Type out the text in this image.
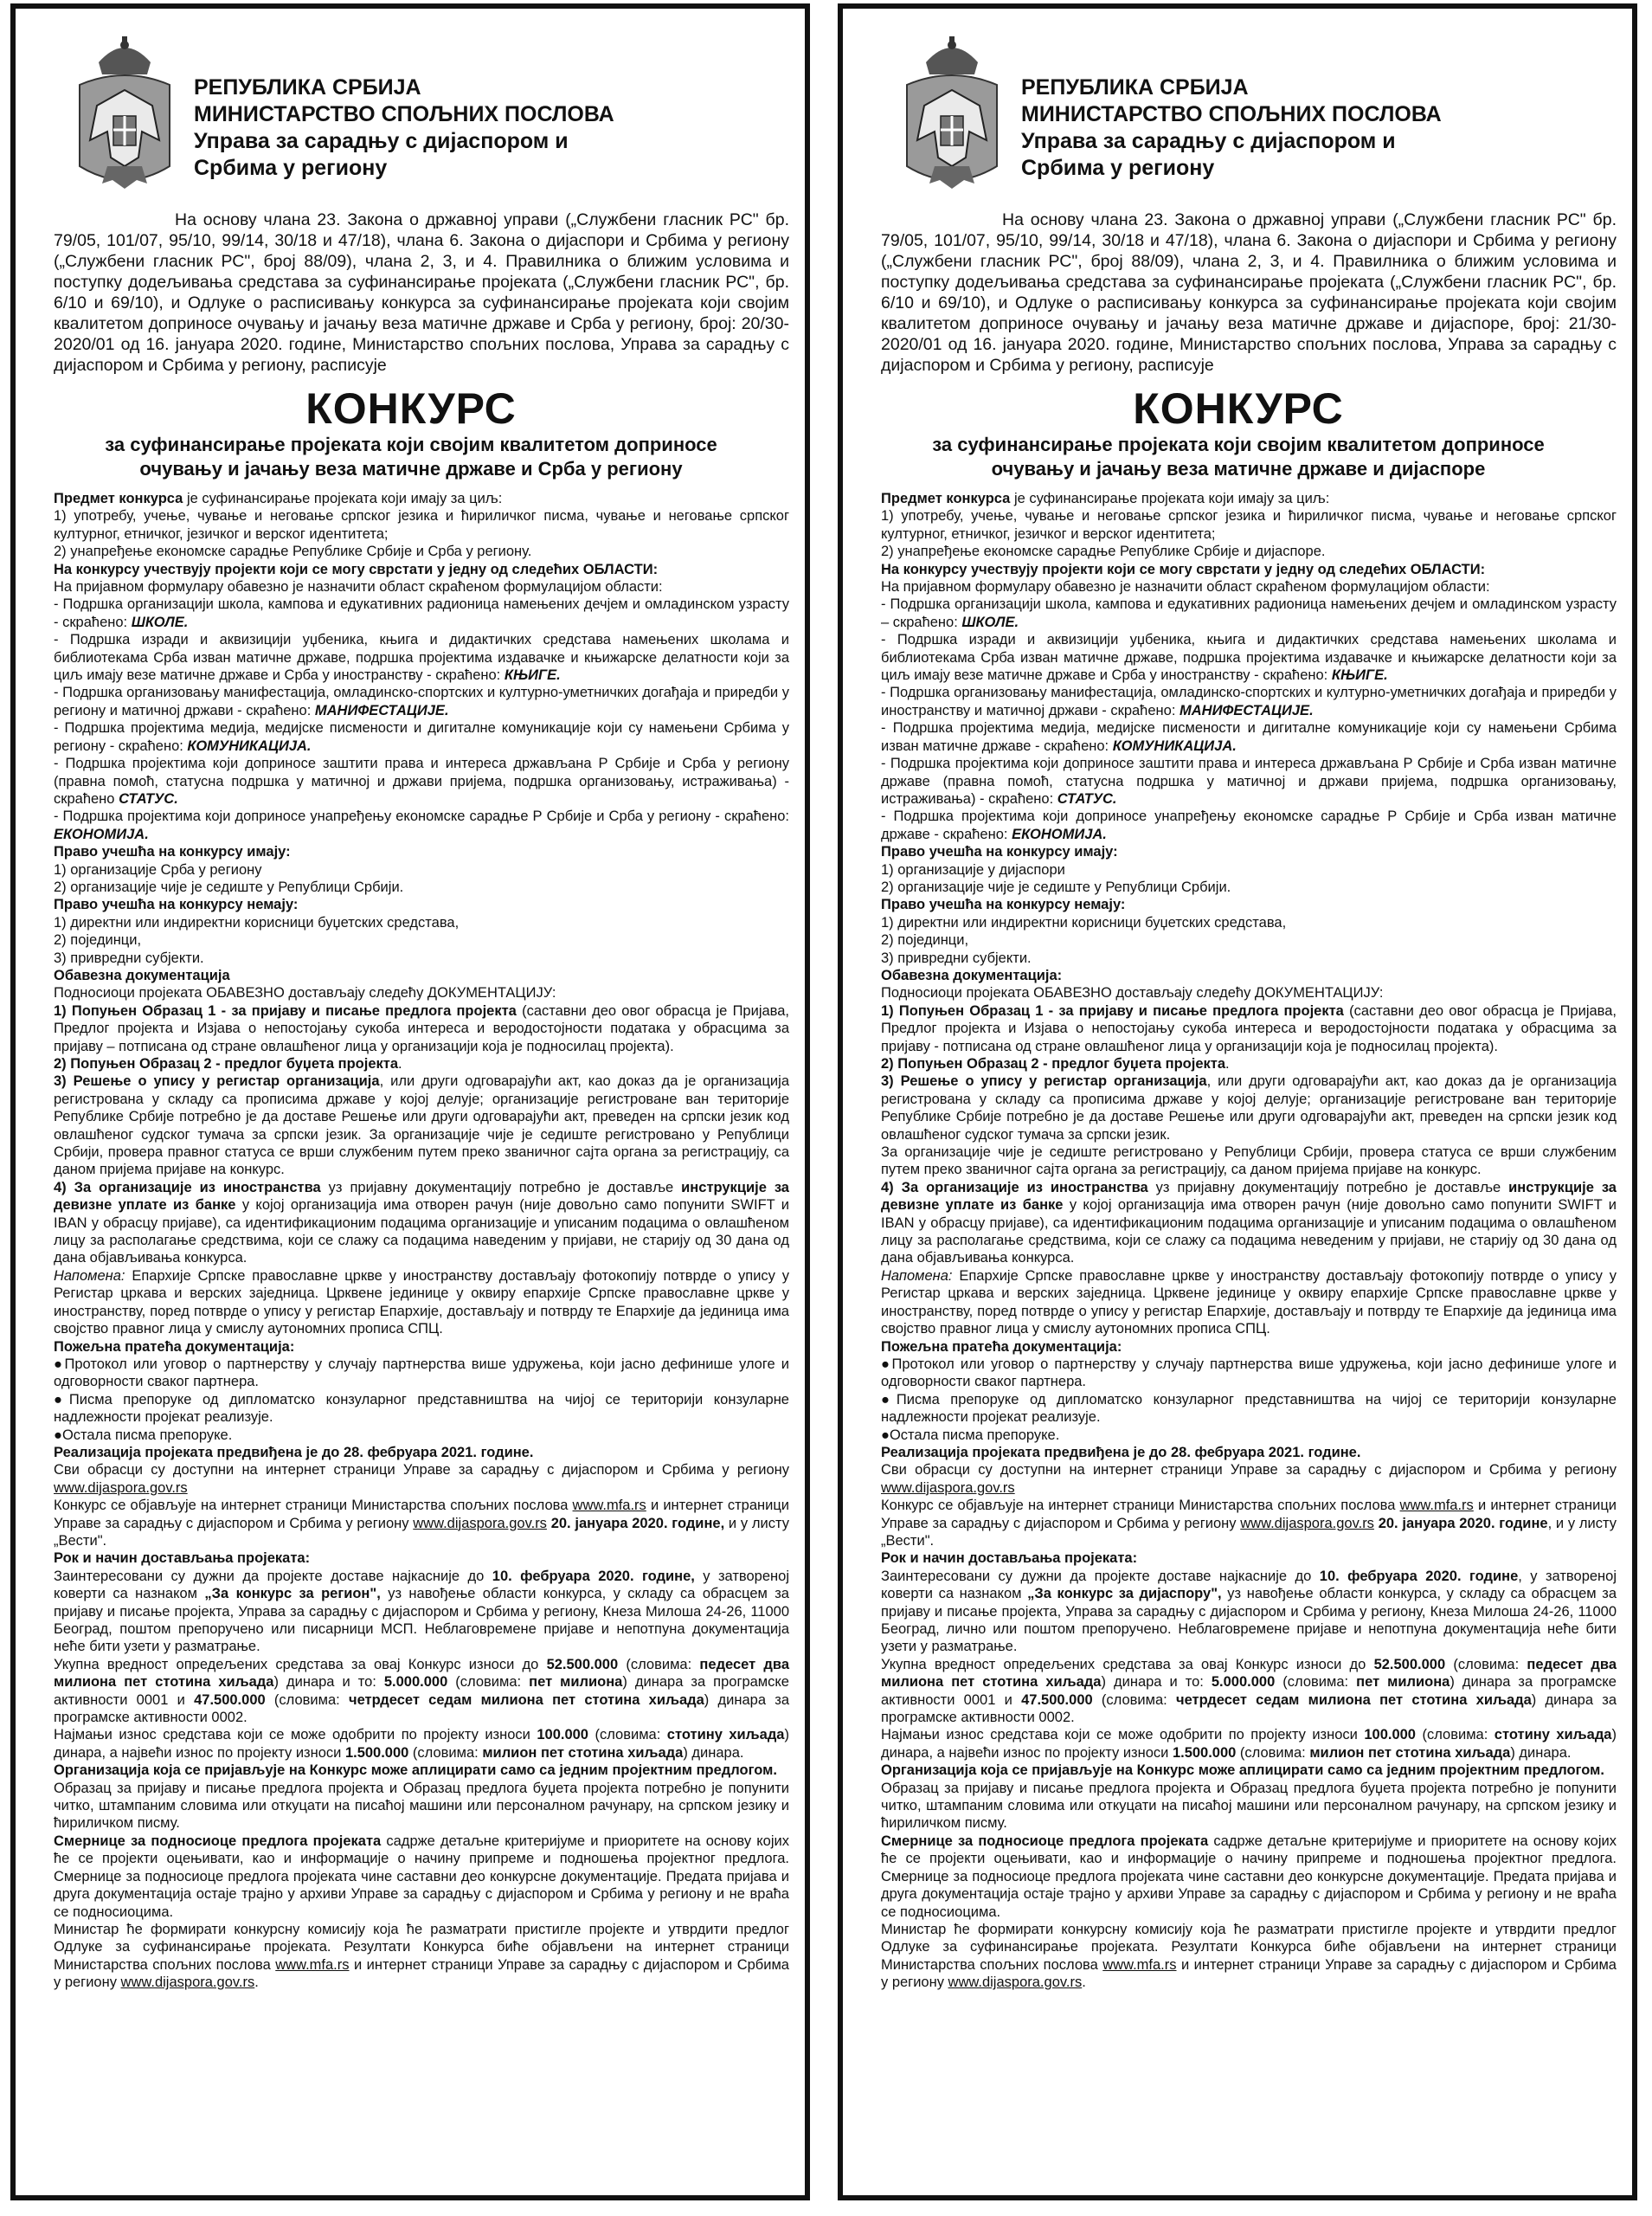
РЕПУБЛИКА СРБИЈА
МИНИСТАРСТВО СПОЉНИХ ПОСЛОВА
Управа за сарадњу с дијаспором и
Србима у региону

На основу члана 23. Закона о државној управи („Службени гласник РС" бр. 79/05, 101/07, 95/10, 99/14, 30/18 и 47/18), члана 6. Закона о дијаспори и Србима у региону („Службени гласник РС", број 88/09), члана 2, 3, и 4. Правилника о ближим условима и поступку додељивања средстава за суфинансирање пројеката („Службени гласник РС", бр. 6/10 и 69/10), и Одлуке о расписивању конкурса за суфинансирање пројеката који својим квалитетом доприносе очувању и јачању веза матичне државе и Срба у региону, број: 20/30-2020/01 од 16. јануара 2020. године, Министарство спољних послова, Управа за сарадњу с дијаспором и Србима у региону, расписује

КОНКУРС
за суфинансирање пројеката који својим квалитетом доприносе
очувању и јачању веза матичне државе и Срба у региону

Предмет конкурса је суфинансирање пројеката који имају за циљ:

1) употребу, учење, чување и неговање српског језика и ћириличког писма, чување и неговање српског културног, етничког, језичког и верског идентитета;

2) унапређење економске сарадње Републике Србије и Срба у региону.

На конкурсу учествују пројекти који се могу сврстати у једну од следећих ОБЛАСТИ:

На пријавном формулару обавезно је назначити област скраћеном формулацијом области:

- Подршка организацији школа, кампова и едукативних радионица намењених дечјем и омладинском узрасту - скраћено: ШКОЛЕ.

- Подршка изради и аквизицији уџбеника, књига и дидактичких средстава намењених школама и библиотекама Срба изван матичне државе, подршка пројектима издавачке и књижарске делатности који за циљ имају везе матичне државе и Срба у иностранству - скраћено: КЊИГЕ.

- Подршка организовању манифестација, омладинско-спортских и културно-уметничких догађаја и приредби у региону и матичној држави - скраћено: МАНИФЕСТАЦИЈЕ.

- Подршка пројектима медија, медијске писмености и дигиталне комуникације који су намењени Србима у региону - скраћено: КОМУНИКАЦИЈА.

- Подршка пројектима који доприносе заштити права и интереса држављана Р Србије и Срба у региону (правна помоћ, статусна подршка у матичној и држави пријема, подршка организовању, истраживања) - скраћено СТАТУС.

- Подршка пројектима који доприносе унапређењу економске сарадње Р Србије и Срба у региону - скраћено: ЕКОНОМИЈА.

Право учешћа на конкурсу имају:

1) организације Срба у региону

2) организације чије је седиште у Републици Србији.

Право учешћа на конкурсу немају:

1) директни или индиректни корисници буџетских средстава,

2) појединци,

3) привредни субјекти.

Обавезна документација

Подносиоци пројеката ОБАВЕЗНО достављају следећу ДОКУМЕНТАЦИЈУ:

1) Попуњен Образац 1 - за пријаву и писање предлога пројекта (саставни део овог обрасца је Пријава, Предлог пројекта и Изјава о непостојању сукоба интереса и веродостојности података у обрасцима за пријаву – потписана од стране овлашћеног лица у организацији која је подносилац пројекта).

2) Попуњен Образац 2 - предлог буџета пројекта.

3) Решење о упису у регистар организација, или други одговарајући акт, као доказ да је организација регистрована у складу са прописима државе у којој делује; организације регистроване ван територије Републике Србије потребно је да доставе Решење или други одговарајући акт, преведен на српски језик код овлашћеног судског тумача за српски језик. За организације чије је седиште регистровано у Републици Србији, провера правног статуса се врши службеним путем преко званичног сајта органа за регистрацију, са даном пријема пријаве на конкурс.

4) За организације из иностранства уз пријавну документацију потребно је доставље инструкције за девизне уплате из банке у којој организација има отворен рачун (није довољно само попунити SWIFT и IBAN у обрасцу пријаве), са идентификационим подацима организације и уписаним подацима о овлашћеном лицу за располагање средствима, који се слажу са подацима наведеним у пријави, не старију од 30 дана од дана објављивања конкурса.

Напомена: Епархије Српске православне цркве у иностранству достављају фотокопију потврде о упису у Регистар цркава и верских заједница. Црквене јединице у оквиру епархије Српске православне цркве у иностранству, поред потврде о упису у регистар Епархије, достављају и потврду те Епархије да јединица има својство правног лица у смислу аутономних прописа СПЦ.

Пожељна пратећа документација:

●Протокол или уговор о партнерству у случају партнерства више удружења, који јасно дефинише улоге и одговорности сваког партнера.

●Писма препоруке од дипломатско конзуларног представништва на чијој се територији конзуларне надлежности пројекат реализује.

●Остала писма препоруке.

Реализација пројеката предвиђена је до 28. фебруара 2021. године.

Сви обрасци су доступни на интернет страници Управе за сарадњу с дијаспором и Србима у региону www.dijaspora.gov.rs

Конкурс се објављује на интернет страници Министарства спољних послова www.mfa.rs и интернет страници Управе за сарадњу с дијаспором и Србима у региону www.dijaspora.gov.rs 20. јануара 2020. године, и у листу „Вести".

Рок и начин достављања пројеката:

Заинтересовани су дужни да пројекте доставе најкасније до 10. фебруара 2020. године, у затвореној коверти са назнаком „За конкурс за регион", уз навођење области конкурса, у складу са обрасцем за пријаву и писање пројекта, Управа за сарадњу с дијаспором и Србима у региону, Кнеза Милоша 24-26, 11000 Београд, поштом препоручено или писарници МСП. Неблаговремене пријаве и непотпуна документација неће бити узети у разматрање.

Укупна вредност опредељених средстава за овај Конкурс износи до 52.500.000 (словима: педесет два милиона пет стотина хиљада) динара и то: 5.000.000 (словима: пет милиона) динара за програмске активности 0001 и 47.500.000 (словима: четрдесет седам милиона пет стотина хиљада) динара за програмске активности 0002.

Најмањи износ средстава који се може одобрити по пројекту износи 100.000 (словима: стотину хиљада) динара, а највећи износ по пројекту износи 1.500.000 (словима: милион пет стотина хиљада) динара.

Организација која се пријављује на Конкурс може аплицирати само са једним пројектним предлогом.

Образац за пријаву и писање предлога пројекта и Образац предлога буџета пројекта потребно је попунити читко, штампаним словима или откуцати на писаћој машини или персоналном рачунару, на српском језику и ћириличком писму.

Смернице за подносиоце предлога пројеката садрже детаљне критеријуме и приоритете на основу којих ће се пројекти оцењивати, као и информације о начину припреме и подношења пројектног предлога. Смернице за подносиоце предлога пројеката чине саставни део конкурсне документације. Предата пријава и друга документација остаје трајно у архиви Управе за сарадњу с дијаспором и Србима у региону и не враћа се подносиоцима.

Министар ће формирати конкурсну комисију која ће разматрати пристигле пројекте и утврдити предлог Одлуке за суфинансирање пројеката. Резултати Конкурса биће објављени на интернет страници Министарства спољних послова www.mfa.rs и интернет страници Управе за сарадњу с дијаспором и Србима у региону www.dijaspora.gov.rs.

РЕПУБЛИКА СРБИЈА
МИНИСТАРСТВО СПОЉНИХ ПОСЛОВА
Управа за сарадњу с дијаспором и
Србима у региону

На основу члана 23. Закона о државној управи („Службени гласник РС" бр. 79/05, 101/07, 95/10, 99/14, 30/18 и 47/18), члана 6. Закона о дијаспори и Србима у региону („Службени гласник РС", број 88/09), члана 2, 3, и 4. Правилника о ближим условима и поступку додељивања средстава за суфинансирање пројеката („Службени гласник РС", бр. 6/10 и 69/10), и Одлуке о расписивању конкурса за суфинансирање пројеката који својим квалитетом доприносе очувању и јачању веза матичне државе и дијаспоре, број: 21/30-2020/01 од 16. јануара 2020. године, Министарство спољних послова, Управа за сарадњу с дијаспором и Србима у региону, расписује

КОНКУРС
за суфинансирање пројеката који својим квалитетом доприносе
очувању и јачању веза матичне државе и дијаспоре

Предмет конкурса је суфинансирање пројеката који имају за циљ:

1) употребу, учење, чување и неговање српског језика и ћириличког писма, чување и неговање српског културног, етничког, језичког и верског идентитета;

2) унапређење економске сарадње Републике Србије и дијаспоре.

На конкурсу учествују пројекти који се могу сврстати у једну од следећих ОБЛАСТИ:

На пријавном формулару обавезно је назначити област скраћеном формулацијом области:

- Подршка организацији школа, кампова и едукативних радионица намењених дечјем и омладинском узрасту – скраћено: ШКОЛЕ.

- Подршка изради и аквизицији уџбеника, књига и дидактичких средстава намењених школама и библиотекама Срба изван матичне државе, подршка пројектима издавачке и књижарске делатности који за циљ имају везе матичне државе и Срба у иностранству - скраћено: КЊИГЕ.

- Подршка организовању манифестација, омладинско-спортских и културно-уметничких догађаја и приредби у иностранству и матичној држави - скраћено: МАНИФЕСТАЦИЈЕ.

- Подршка пројектима медија, медијске писмености и дигиталне комуникације који су намењени Србима изван матичне државе - скраћено: КОМУНИКАЦИЈА.

- Подршка пројектима који доприносе заштити права и интереса држављана Р Србије и Срба изван матичне државе (правна помоћ, статусна подршка у матичној и држави пријема, подршка организовању, истраживања) - скраћено: СТАТУС.

- Подршка пројектима који доприносе унапређењу економске сарадње Р Србије и Срба изван матичне државе - скраћено: ЕКОНОМИЈА.

Право учешћа на конкурсу имају:

1) организације у дијаспори

2) организације чије је седиште у Републици Србији.

Право учешћа на конкурсу немају:

1) директни или индиректни корисници буџетских средстава,

2) појединци,

3) привредни субјекти.

Обавезна документација:

Подносиоци пројеката ОБАВЕЗНО достављају следећу ДОКУМЕНТАЦИЈУ:

1) Попуњен Образац 1 - за пријаву и писање предлога пројекта (саставни део овог обрасца је Пријава, Предлог пројекта и Изјава о непостојању сукоба интереса и веродостојности података у обрасцима за пријаву - потписана од стране овлашћеног лица у организацији која је подносилац пројекта).

2) Попуњен Образац 2 - предлог буџета пројекта.

3) Решење о упису у регистар организација, или други одговарајући акт, као доказ да је организација регистрована у складу са прописима државе у којој делује; организације регистроване ван територије Републике Србије потребно је да доставе Решење или други одговарајући акт, преведен на српски језик код овлашћеног судског тумача за српски језик.

За организације чије је седиште регистровано у Републици Србији, провера статуса се врши службеним путем преко званичног сајта органа за регистрацију, са даном пријема пријаве на конкурс.

4) За организације из иностранства уз пријавну документацију потребно је доставље инструкције за девизне уплате из банке у којој организација има отворен рачун (није довољно само попунити SWIFT и IBAN у обрасцу пријаве), са идентификационим подацима организације и уписаним подацима о овлашћеном лицу за располагање средствима, који се слажу са подацима неведеним у пријави, не старију од 30 дана од дана објављивања конкурса.

Напомена: Епархије Српске православне цркве у иностранству достављају фотокопију потврде о упису у Регистар цркава и верских заједница. Црквене јединице у оквиру епархије Српске православне цркве у иностранству, поред потврде о упису у регистар Епархије, достављају и потврду те Епархије да јединица има својство правног лица у смислу аутономних прописа СПЦ.

Пожељна пратећа документација:

●Протокол или уговор о партнерству у случају партнерства више удружења, који јасно дефинише улоге и одговорности сваког партнера.

●Писма препоруке од дипломатско конзуларног представништва на чијој се територији конзуларне надлежности пројекат реализује.

●Остала писма препоруке.

Реализација пројеката предвиђена је до 28. фебруара 2021. године.

Сви обрасци су доступни на интернет страници Управе за сарадњу с дијаспором и Србима у региону www.dijaspora.gov.rs

Конкурс се објављује на интернет страници Министарства спољних послова www.mfa.rs и интернет страници Управе за сарадњу с дијаспором и Србима у региону www.dijaspora.gov.rs 20. јануара 2020. године, и у листу „Вести".

Рок и начин достављања пројеката:

Заинтересовани су дужни да пројекте доставе најкасније до 10. фебруара 2020. године, у затвореној коверти са назнаком „За конкурс за дијаспору", уз навођење области конкурса, у складу са обрасцем за пријаву и писање пројекта, Управа за сарадњу с дијаспором и Србима у региону, Кнеза Милоша 24-26, 11000 Београд, лично или поштом препоручено. Неблаговремене пријаве и непотпуна документација неће бити узети у разматрање.

Укупна вредност опредељених средстава за овај Конкурс износи до 52.500.000 (словима: педесет два милиона пет стотина хиљада) динара и то: 5.000.000 (словима: пет милиона) динара за програмске активности 0001 и 47.500.000 (словима: четрдесет седам милиона пет стотина хиљада) динара за програмске активности 0002.

Најмањи износ средстава који се може одобрити по пројекту износи 100.000 (словима: стотину хиљада) динара, а највећи износ по пројекту износи 1.500.000 (словима: милион пет стотина хиљада) динара.

Организација која се пријављује на Конкурс може аплицирати само са једним пројектним предлогом.

Образац за пријаву и писање предлога пројекта и Образац предлога буџета пројекта потребно је попунити читко, штампаним словима или откуцати на писаћој машини или персоналном рачунару, на српском језику и ћириличком писму.

Смернице за подносиоце предлога пројеката садрже детаљне критеријуме и приоритете на основу којих ће се пројекти оцењивати, као и информације о начину припреме и подношења пројектног предлога. Смернице за подносиоце предлога пројеката чине саставни део конкурсне документације. Предата пријава и друга документација остаје трајно у архиви Управе за сарадњу с дијаспором и Србима у региону и не враћа се подносиоцима.

Министар ће формирати конкурсну комисију која ће разматрати пристигле пројекте и утврдити предлог Одлуке за суфинансирање пројеката. Резултати Конкурса биће објављени на интернет страници Министарства спољних послова www.mfa.rs и интернет страници Управе за сарадњу с дијаспором и Србима у региону www.dijaspora.gov.rs.
